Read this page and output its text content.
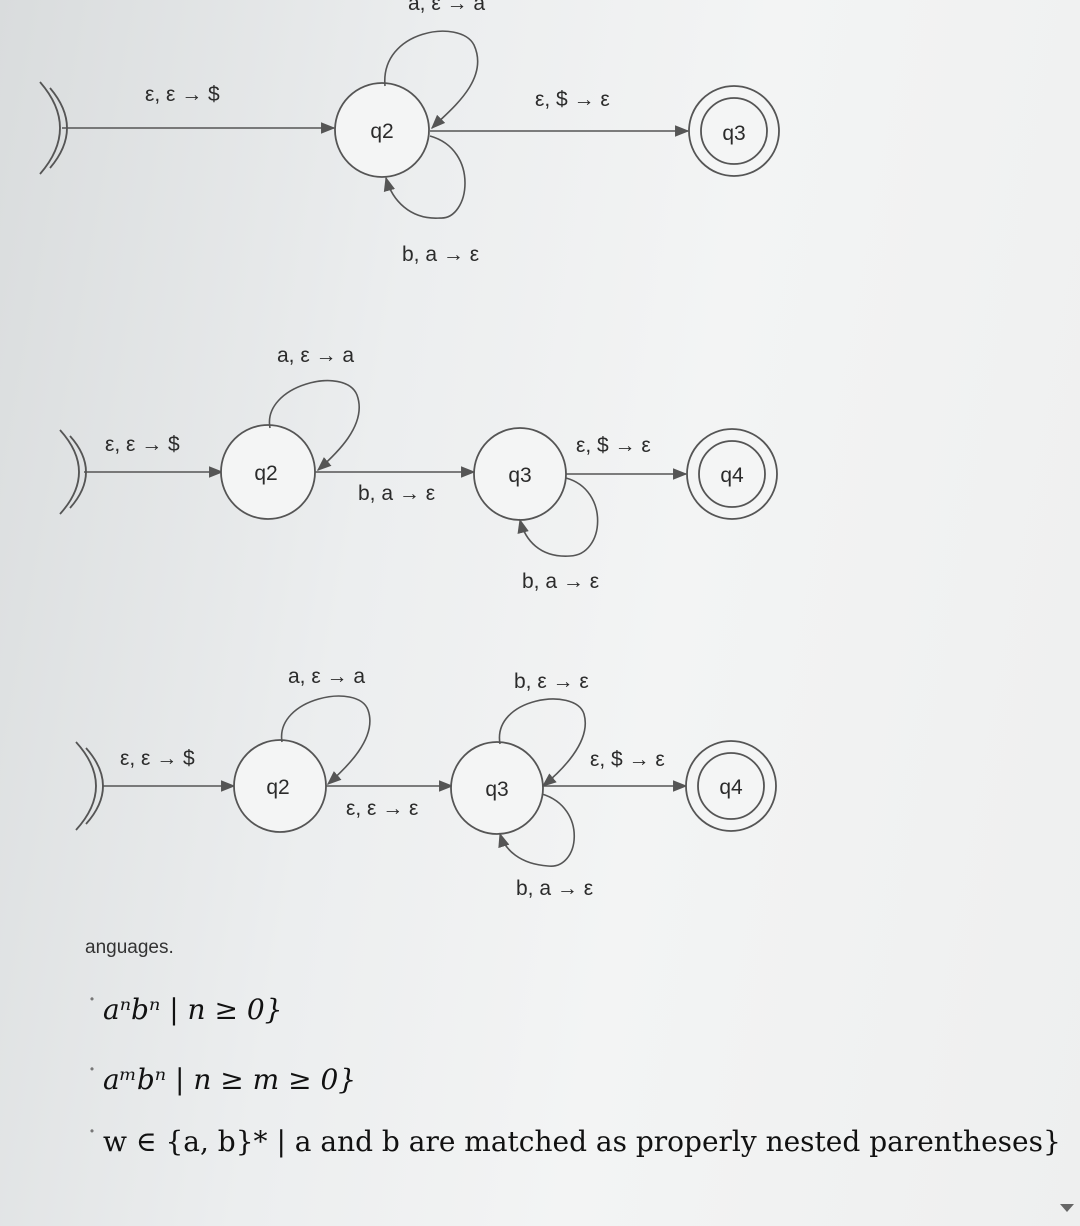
ε, ε → $
q2
a, ε → a
b, a → ε
ε, $ → ε
q3
ε, ε → $
q2
a, ε → a
b, a → ε
q3
b, a → ε
ε, $ → ε
q4
ε, ε → $
q2
a, ε → a
ε, ε → ε
q3
b, ε → ε
b, a → ε
ε, $ → ε
q4
anguages.
˙ aⁿbⁿ | n ≥ 0}
˙ aᵐbⁿ | n ≥ m ≥ 0}
˙ w ∈ {a, b}* | a and b are matched as properly nested parentheses}
